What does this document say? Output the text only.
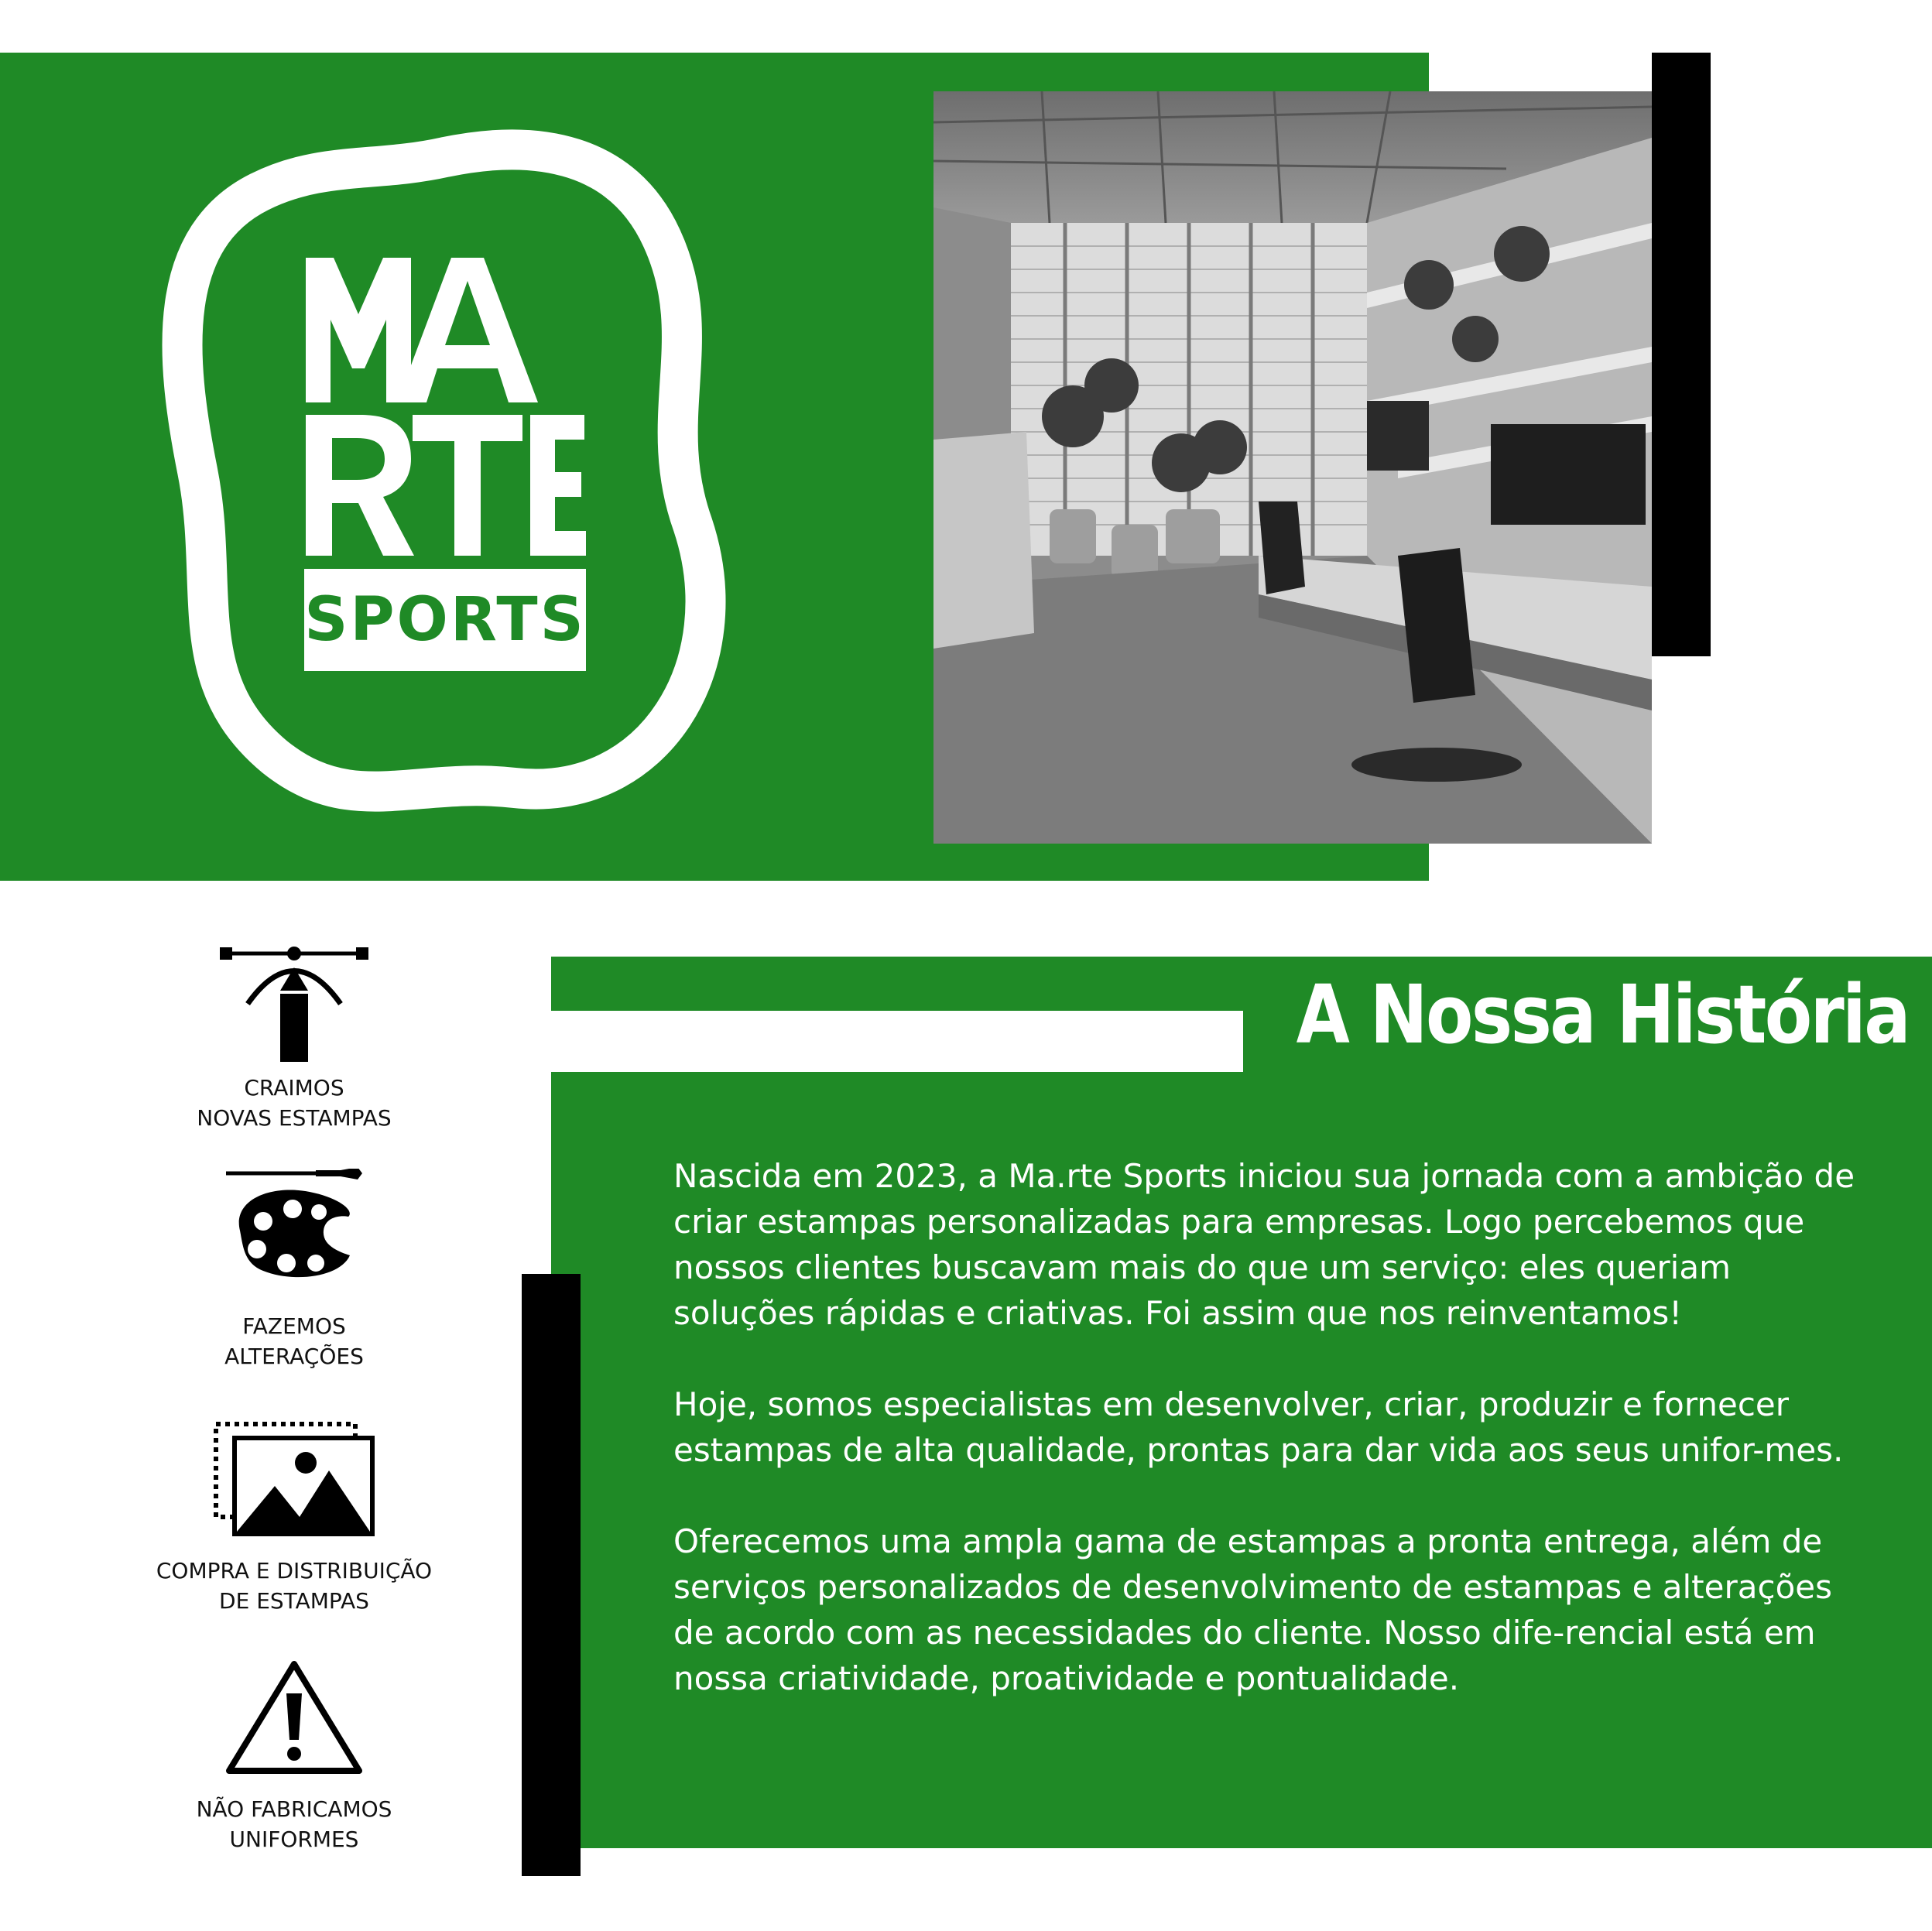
SPORTS
A Nossa História

Nascida em 2023, a Ma.rte Sports iniciou sua jornada com a ambição de criar estampas personalizadas para empresas. Logo percebemos que nossos clientes buscavam mais do que um serviço: eles queriam soluções rápidas e criativas. Foi assim que nos reinventamos!

Hoje, somos especialistas em desenvolver, criar, produzir e fornecer estampas de alta qualidade, prontas para dar vida aos seus unifor-mes.

Oferecemos uma ampla gama de estampas a pronta entrega, além de serviços personalizados de desenvolvimento de estampas e alterações de acordo com as necessidades do cliente. Nosso dife-rencial está em nossa criatividade, proatividade e pontualidade.

CRAIMOS
NOVAS ESTAMPAS
FAZEMOS
ALTERAÇÕES
COMPRA E DISTRIBUIÇÃO
DE ESTAMPAS
NÃO FABRICAMOS
UNIFORMES
